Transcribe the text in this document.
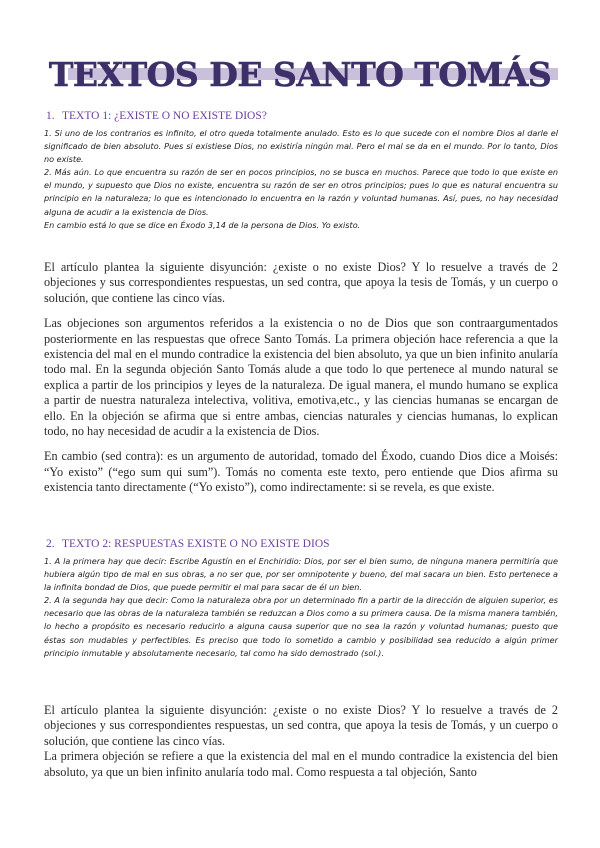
TEXTOS DE SANTO TOMÁS
1. TEXTO 1: ¿EXISTE O NO EXISTE DIOS?

1. Si uno de los contrarios es infinito, el otro queda totalmente anulado. Esto es lo que sucede con el nombre Dios al darle el significado de bien absoluto. Pues si existiese Dios, no existiría ningún mal. Pero el mal se da en el mundo. Por lo tanto, Dios no existe.

2. Más aún. Lo que encuentra su razón de ser en pocos principios, no se busca en muchos. Parece que todo lo que existe en el mundo, y supuesto que Dios no existe, encuentra su razón de ser en otros principios; pues lo que es natural encuentra su principio en la naturaleza; lo que es intencionado lo encuentra en la razón y voluntad humanas. Así, pues, no hay necesidad alguna de acudir a la existencia de Dios.

En cambio está lo que se dice en Éxodo 3,14 de la persona de Dios. Yo existo.

El artículo plantea la siguiente disyunción: ¿existe o no existe Dios? Y lo resuelve a través de 2 objeciones y sus correspondientes respuestas, un sed contra, que apoya la tesis de Tomás, y un cuerpo o solución, que contiene las cinco vías.

Las objeciones son argumentos referidos a la existencia o no de Dios que son contraargumentados posteriormente en las respuestas que ofrece Santo Tomás. La primera objeción hace referencia a que la existencia del mal en el mundo contradice la existencia del bien absoluto, ya que un bien infinito anularía todo mal. En la segunda objeción Santo Tomás alude a que todo lo que pertenece al mundo natural se explica a partir de los principios y leyes de la naturaleza. De igual manera, el mundo humano se explica a partir de nuestra naturaleza intelectiva, volitiva, emotiva,etc., y las ciencias humanas se encargan de ello. En la objeción se afirma que si entre ambas, ciencias naturales y ciencias humanas, lo explican todo, no hay necesidad de acudir a la existencia de Dios.

En cambio (sed contra): es un argumento de autoridad, tomado del Éxodo, cuando Dios dice a Moisés: “Yo existo” (“ego sum qui sum”). Tomás no comenta este texto, pero entiende que Dios afirma su existencia tanto directamente (“Yo existo”), como indirectamente: si se revela, es que existe.

2. TEXTO 2: RESPUESTAS EXISTE O NO EXISTE DIOS

1. A la primera hay que decir: Escribe Agustín en el Enchiridio: Dios, por ser el bien sumo, de ninguna manera permitiría que hubiera algún tipo de mal en sus obras, a no ser que, por ser omnipotente y bueno, del mal sacara un bien. Esto pertenece a la infinita bondad de Dios, que puede permitir el mal para sacar de él un bien.

2. A la segunda hay que decir: Como la naturaleza obra por un determinado fin a partir de la dirección de alguien superior, es necesario que las obras de la naturaleza también se reduzcan a Dios como a su primera causa. De la misma manera también, lo hecho a propósito es necesario reducirlo a alguna causa superior que no sea la razón y voluntad humanas; puesto que éstas son mudables y perfectibles. Es preciso que todo lo sometido a cambio y posibilidad sea reducido a algún primer principio inmutable y absolutamente necesario, tal como ha sido demostrado (sol.).

El artículo plantea la siguiente disyunción: ¿existe o no existe Dios? Y lo resuelve a través de 2 objeciones y sus correspondientes respuestas, un sed contra, que apoya la tesis de Tomás, y un cuerpo o solución, que contiene las cinco vías.

La primera objeción se refiere a que la existencia del mal en el mundo contradice la existencia del bien absoluto, ya que un bien infinito anularía todo mal. Como respuesta a tal objeción, Santo
